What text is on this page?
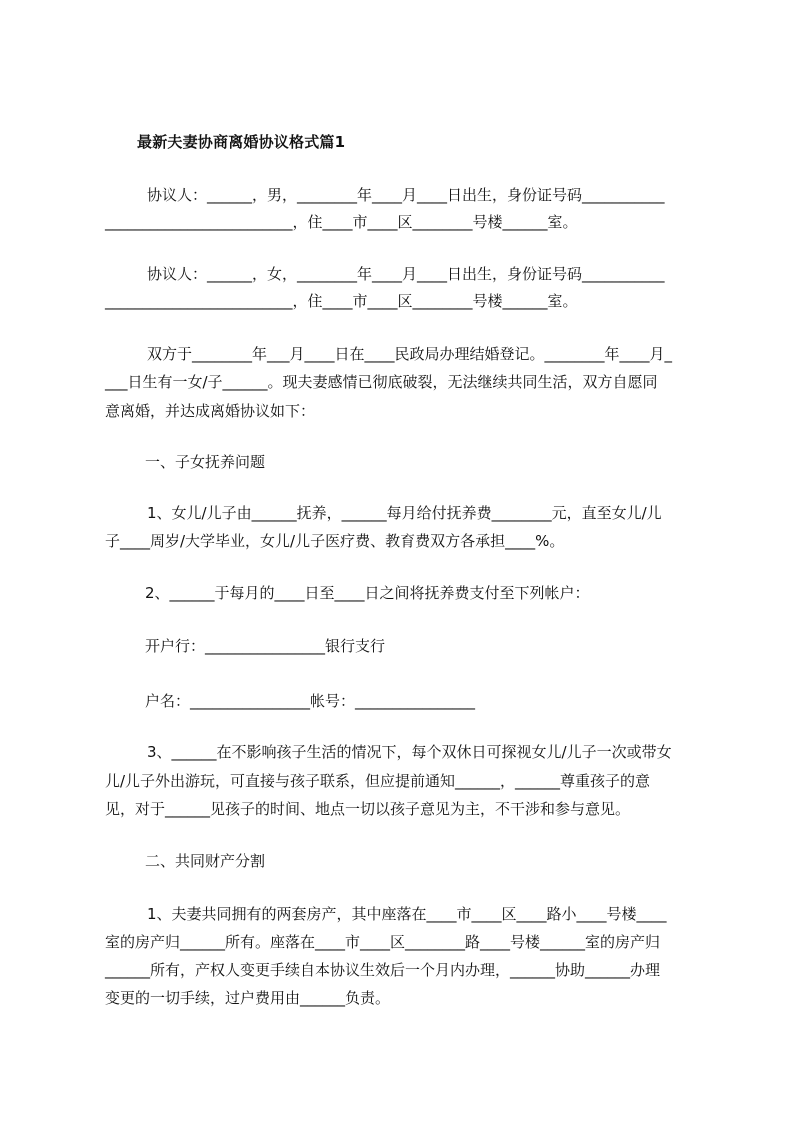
最新夫妻协商离婚协议格式篇1
协议人：______，男，________年____月____日出生，身份证号码___________
_________________________，住____市____区________号楼______室。
协议人：______，女，________年____月____日出生，身份证号码___________
_________________________，住____市____区________号楼______室。
双方于________年___月____日在____民政局办理结婚登记。________年____月_
___日生有一女/子______。现夫妻感情已彻底破裂，无法继续共同生活，双方自愿同
意离婚，并达成离婚协议如下：
一、子女抚养问题
1、女儿/儿子由______抚养，______每月给付抚养费________元，直至女儿/儿
子____周岁/大学毕业，女儿/儿子医疗费、教育费双方各承担____%。
2、______于每月的____日至____日之间将抚养费支付至下列帐户：
开户行：________________银行支行
户名：________________帐号：________________
3、______在不影响孩子生活的情况下，每个双休日可探视女儿/儿子一次或带女
儿/儿子外出游玩，可直接与孩子联系，但应提前通知______，______尊重孩子的意
见，对于______见孩子的时间、地点一切以孩子意见为主，不干涉和参与意见。
二、共同财产分割
1、夫妻共同拥有的两套房产，其中座落在____市____区____路小____号楼____
室的房产归______所有。座落在____市____区________路____号楼______室的房产归
______所有，产权人变更手续自本协议生效后一个月内办理，______协助______办理
变更的一切手续，过户费用由______负责。
